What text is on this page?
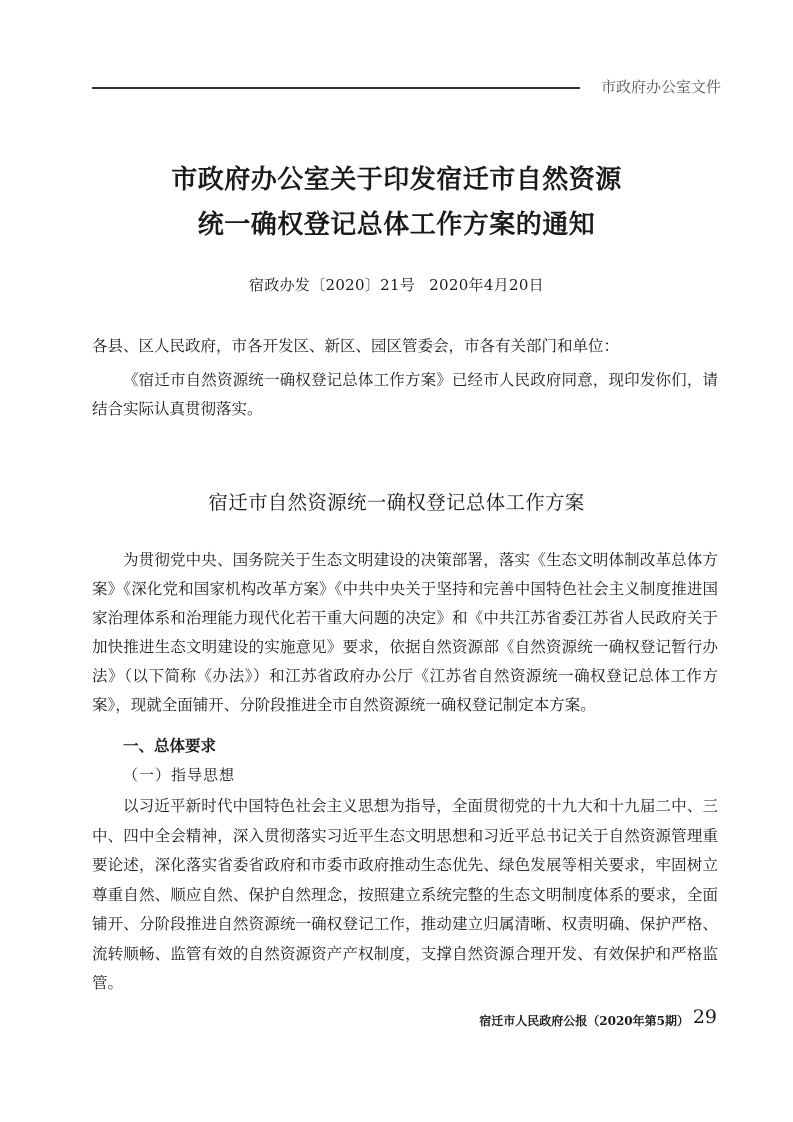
市政府办公室文件
市政府办公室关于印发宿迁市自然资源
统一确权登记总体工作方案的通知
宿政办发〔2020〕21号 2020年4月20日
各县、区人民政府，市各开发区、新区、园区管委会，市各有关部门和单位：
《宿迁市自然资源统一确权登记总体工作方案》已经市人民政府同意，现印发你们，请结合实际认真贯彻落实。
宿迁市自然资源统一确权登记总体工作方案
为贯彻党中央、国务院关于生态文明建设的决策部署，落实《生态文明体制改革总体方案》《深化党和国家机构改革方案》《中共中央关于坚持和完善中国特色社会主义制度推进国家治理体系和治理能力现代化若干重大问题的决定》和《中共江苏省委江苏省人民政府关于加快推进生态文明建设的实施意见》要求，依据自然资源部《自然资源统一确权登记暂行办法》（以下简称《办法》）和江苏省政府办公厅《江苏省自然资源统一确权登记总体工作方案》，现就全面铺开、分阶段推进全市自然资源统一确权登记制定本方案。
一、总体要求
（一）指导思想
以习近平新时代中国特色社会主义思想为指导，全面贯彻党的十九大和十九届二中、三中、四中全会精神，深入贯彻落实习近平生态文明思想和习近平总书记关于自然资源管理重要论述，深化落实省委省政府和市委市政府推动生态优先、绿色发展等相关要求，牢固树立尊重自然、顺应自然、保护自然理念，按照建立系统完整的生态文明制度体系的要求，全面铺开、分阶段推进自然资源统一确权登记工作，推动建立归属清晰、权责明确、保护严格、流转顺畅、监管有效的自然资源资产产权制度，支撑自然资源合理开发、有效保护和严格监管。
宿迁市人民政府公报（2020年第5期） 29
